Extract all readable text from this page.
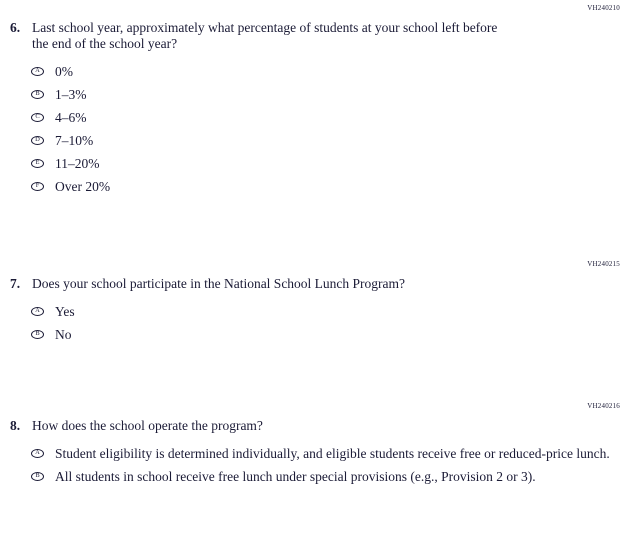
VH240210
6. Last school year, approximately what percentage of students at your school left before the end of the school year?
A 0%
B 1–3%
C 4–6%
D 7–10%
E 11–20%
F Over 20%
VH240215
7. Does your school participate in the National School Lunch Program?
A Yes
B No
VH240216
8. How does the school operate the program?
A Student eligibility is determined individually, and eligible students receive free or reduced-price lunch.
B All students in school receive free lunch under special provisions (e.g., Provision 2 or 3).
